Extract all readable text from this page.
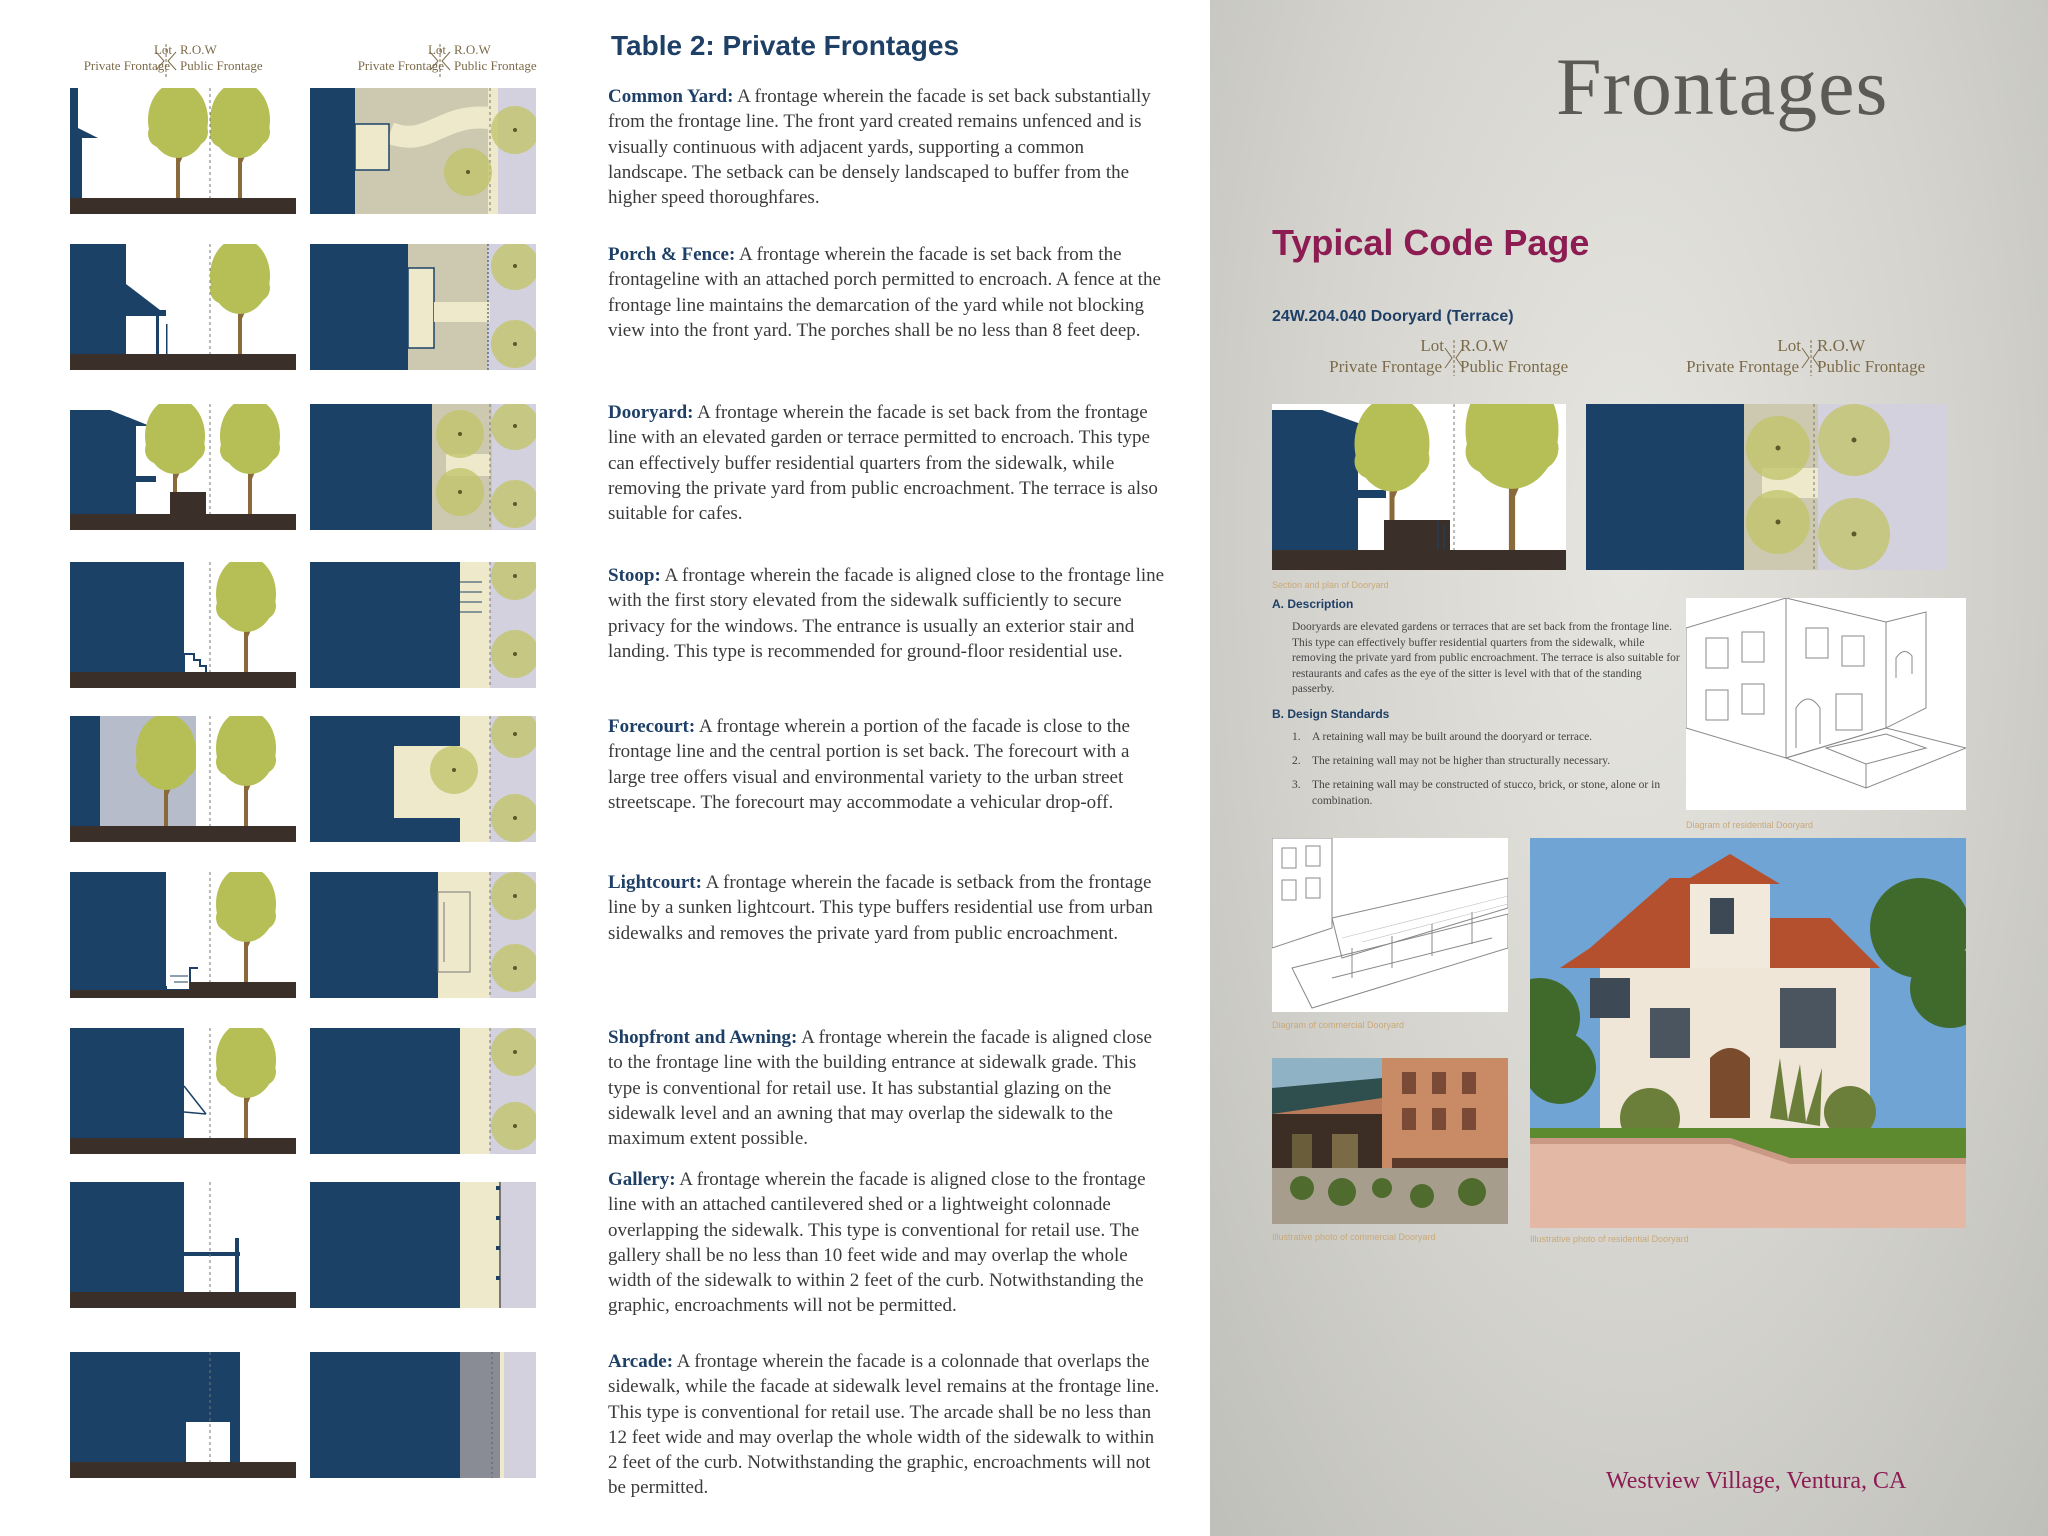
Lot
Private Frontage
R.O.W
Public Frontage
Lot
Private Frontage
R.O.W
Public Frontage
Table 2: Private Frontages
Common Yard: A frontage wherein the facade is set back substantially from the frontage line. The front yard created remains unfenced and is visually continuous with adjacent yards, supporting a common landscape. The setback can be densely landscaped to buffer from the higher speed thoroughfares.
Porch & Fence: A frontage wherein the facade is set back from the frontageline with an attached porch permitted to encroach. A fence at the frontage line maintains the demarcation of the yard while not blocking view into the front yard. The porches shall be no less than 8 feet deep.
Dooryard: A frontage wherein the facade is set back from the frontage line with an elevated garden or terrace permitted to encroach. This type can effectively buffer residential quarters from the sidewalk, while removing the private yard from public encroachment. The terrace is also suitable for cafes.
Stoop: A frontage wherein the facade is aligned close to the frontage line with the first story elevated from the sidewalk sufficiently to secure privacy for the windows. The entrance is usually an exterior stair and landing. This type is recommended for ground-floor residential use.
Forecourt: A frontage wherein a portion of the facade is close to the frontage line and the central portion is set back. The forecourt with a large tree offers visual and environmental variety to the urban street streetscape. The forecourt may accommodate a vehicular drop-off.
Lightcourt: A frontage wherein the facade is setback from the frontage line by a sunken lightcourt. This type buffers residential use from urban sidewalks and removes the private yard from public encroachment.
Shopfront and Awning: A frontage wherein the facade is aligned close to the frontage line with the building entrance at sidewalk grade. This type is conventional for retail use. It has substantial glazing on the sidewalk level and an awning that may overlap the sidewalk to the maximum extent possible.
Gallery: A frontage wherein the facade is aligned close to the frontage line with an attached cantilevered shed or a lightweight colonnade overlapping the sidewalk. This type is conventional for retail use. The gallery shall be no less than 10 feet wide and may overlap the whole width of the sidewalk to within 2 feet of the curb. Notwithstanding the graphic, encroachments will not be permitted.
Arcade: A frontage wherein the facade is a colonnade that overlaps the sidewalk, while the facade at sidewalk level remains at the frontage line. This type is conventional for retail use. The arcade shall be no less than 12 feet wide and may overlap the whole width of the sidewalk to within 2 feet of the curb. Notwithstanding the graphic, encroachments will not be permitted.
Frontages
Typical Code Page
24W.204.040 Dooryard (Terrace)
Lot
Private Frontage
R.O.W
Public Frontage
Lot
Private Frontage
R.O.W
Public Frontage
Section and plan of Dooryard
A. Description
Dooryards are elevated gardens or terraces that are set back from the frontage line. This type can effectively buffer residential quarters from the sidewalk, while removing the private yard from public encroachment. The terrace is also suitable for restaurants and cafes as the eye of the sitter is level with that of the standing passerby.
B. Design Standards
1. A retaining wall may be built around the dooryard or terrace.
2. The retaining wall may not be higher than structurally necessary.
3. The retaining wall may be constructed of stucco, brick, or stone, alone or in combination.
Diagram of residential Dooryard
Diagram of commercial Dooryard
Illustrative photo of commercial Dooryard	Illustrative photo of residential Dooryard
Westview Village, Ventura, CA
